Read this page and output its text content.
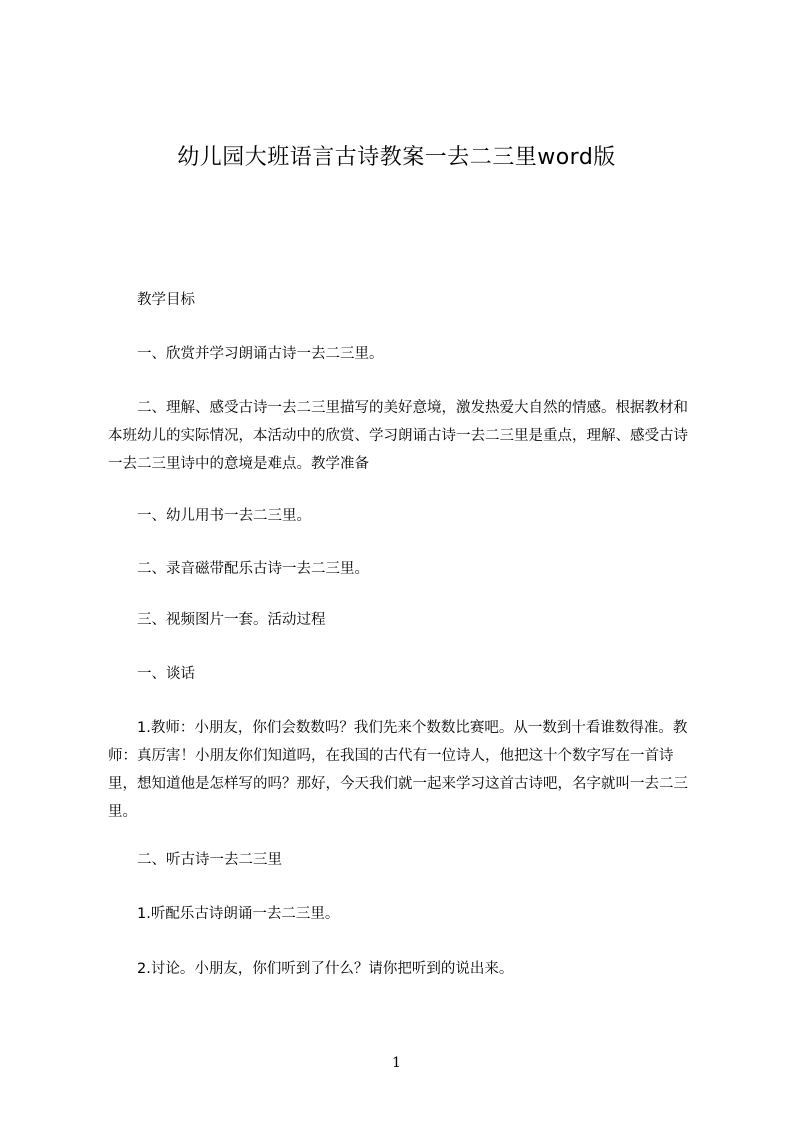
幼儿园大班语言古诗教案一去二三里word版

教学目标

一、欣赏并学习朗诵古诗一去二三里。

二、理解、感受古诗一去二三里描写的美好意境，激发热爱大自然的情感。根据教材和本班幼儿的实际情况，本活动中的欣赏、学习朗诵古诗一去二三里是重点，理解、感受古诗一去二三里诗中的意境是难点。教学准备

一、幼儿用书一去二三里。

二、录音磁带配乐古诗一去二三里。

三、视频图片一套。活动过程

一、谈话

1.教师：小朋友，你们会数数吗？我们先来个数数比赛吧。从一数到十看谁数得准。教师：真厉害！小朋友你们知道吗，在我国的古代有一位诗人，他把这十个数字写在一首诗里，想知道他是怎样写的吗？那好，今天我们就一起来学习这首古诗吧，名字就叫一去二三里。

二、听古诗一去二三里

1.听配乐古诗朗诵一去二三里。

2.讨论。小朋友，你们听到了什么？请你把听到的说出来。

1
